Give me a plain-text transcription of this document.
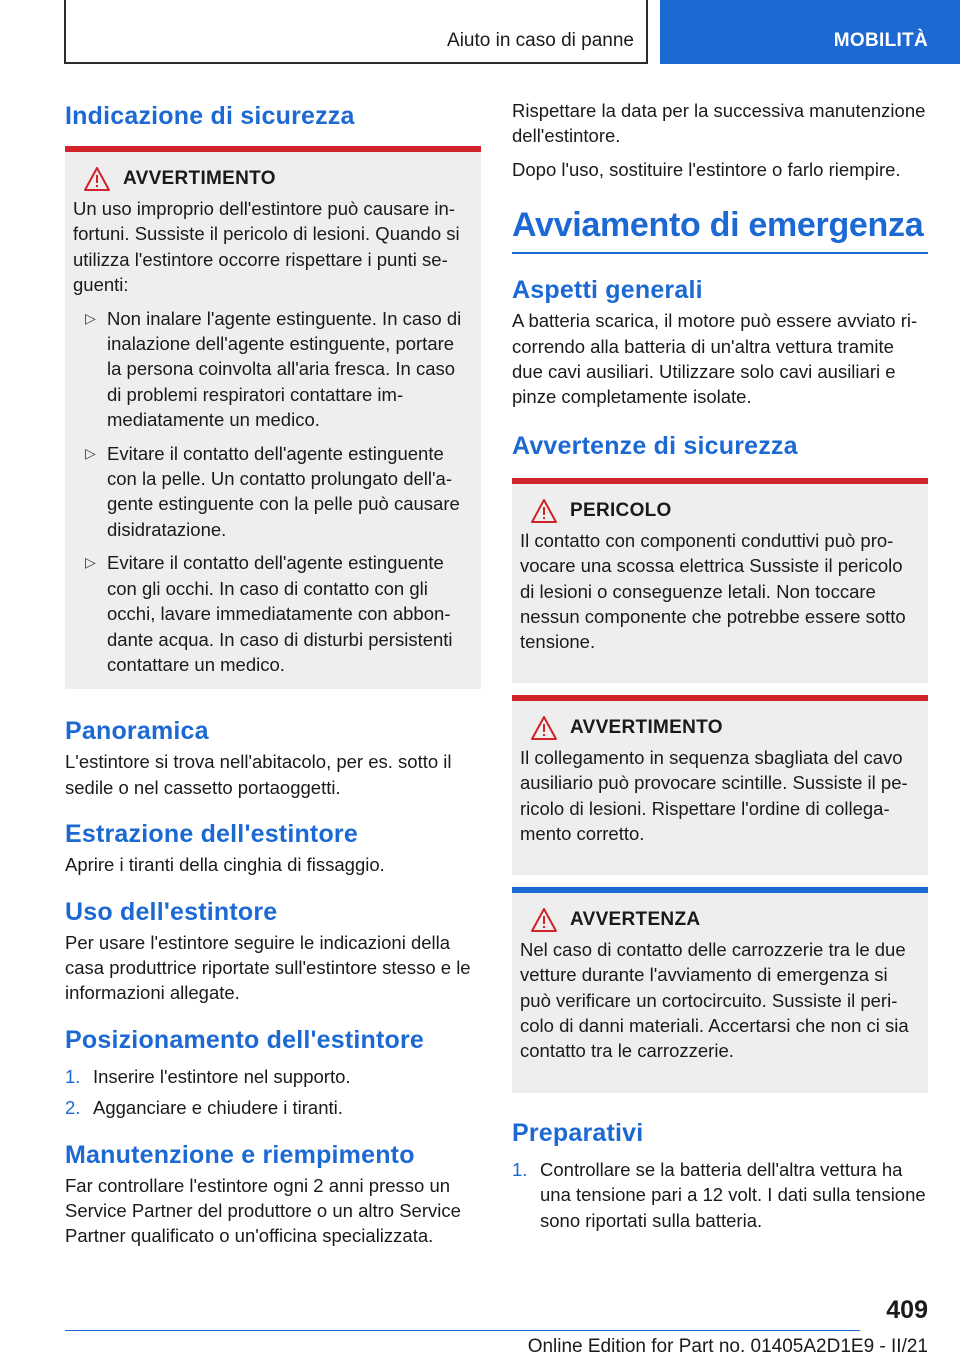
Aiuto in caso di panne	MOBILITÀ
Indicazione di sicurezza
AVVERTIMENTO

Un uso improprio dell'estintore può causare infortuni. Sussiste il pericolo di lesioni. Quando si utilizza l'estintore occorre rispettare i punti seguenti:

▷ Non inalare l'agente estinguente. In caso di inalazione dell'agente estinguente, portare la persona coinvolta all'aria fresca. In caso di problemi respiratori contattare immediatamente un medico.

▷ Evitare il contatto dell'agente estinguente con la pelle. Un contatto prolungato dell'agente estinguente con la pelle può causare disidratazione.

▷ Evitare il contatto dell'agente estinguente con gli occhi. In caso di contatto con gli occhi, lavare immediatamente con abbondante acqua. In caso di disturbi persistenti contattare un medico.

Panoramica

L'estintore si trova nell'abitacolo, per es. sotto il sedile o nel cassetto portaoggetti.

Estrazione dell'estintore

Aprire i tiranti della cinghia di fissaggio.

Uso dell'estintore

Per usare l'estintore seguire le indicazioni della casa produttrice riportate sull'estintore stesso e le informazioni allegate.

Posizionamento dell'estintore
1. Inserire l'estintore nel supporto.

2. Agganciare e chiudere i tiranti.

Manutenzione e riempimento

Far controllare l'estintore ogni 2 anni presso un Service Partner del produttore o un altro Service Partner qualificato o un'officina specializzata.

Rispettare la data per la successiva manutenzione dell'estintore.

Dopo l'uso, sostituire l'estintore o farlo riempire.

Avviamento di emergenza
Aspetti generali

A batteria scarica, il motore può essere avviato ricorrendo alla batteria di un'altra vettura tramite due cavi ausiliari. Utilizzare solo cavi ausiliari e pinze completamente isolate.

Avvertenze di sicurezza
PERICOLO

Il contatto con componenti conduttivi può provocare una scossa elettrica Sussiste il pericolo di lesioni o conseguenze letali. Non toccare nessun componente che potrebbe essere sotto tensione.

AVVERTIMENTO

Il collegamento in sequenza sbagliata del cavo ausiliario può provocare scintille. Sussiste il pericolo di lesioni. Rispettare l'ordine di collegamento corretto.

AVVERTENZA

Nel caso di contatto delle carrozzerie tra le due vetture durante l'avviamento di emergenza si può verificare un cortocircuito. Sussiste il pericolo di danni materiali. Accertarsi che non ci sia contatto tra le carrozzerie.

Preparativi
1. Controllare se la batteria dell'altra vettura ha una tensione pari a 12 volt. I dati sulla tensione sono riportati sulla batteria.

409
Online Edition for Part no. 01405A2D1E9 - II/21
